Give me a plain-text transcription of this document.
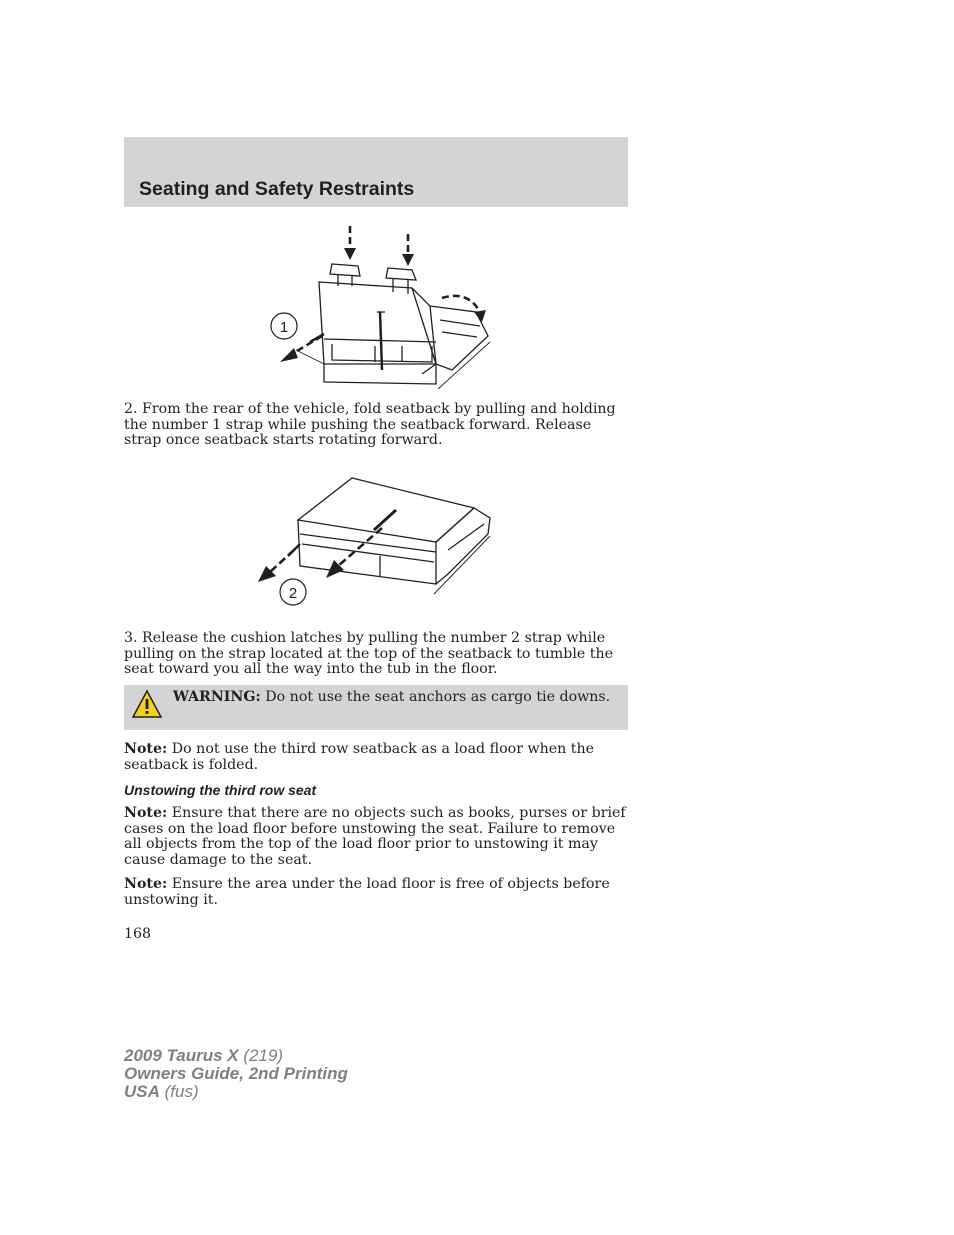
Seating and Safety Restraints
1
2. From the rear of the vehicle, fold seatback by pulling and holding the number 1 strap while pushing the seatback forward. Release strap once seatback starts rotating forward.
2
3. Release the cushion latches by pulling the number 2 strap while pulling on the strap located at the top of the seatback to tumble the seat toward you all the way into the tub in the floor.

WARNING: Do not use the seat anchors as cargo tie downs.

Note: Do not use the third row seatback as a load floor when the seatback is folded.
Unstowing the third row seat
Note: Ensure that there are no objects such as books, purses or brief cases on the load floor before unstowing the seat. Failure to remove all objects from the top of the load floor prior to unstowing it may cause damage to the seat.
Note: Ensure the area under the load floor is free of objects before unstowing it.

168

2009 Taurus X (219)
Owners Guide, 2nd Printing
USA (fus)
